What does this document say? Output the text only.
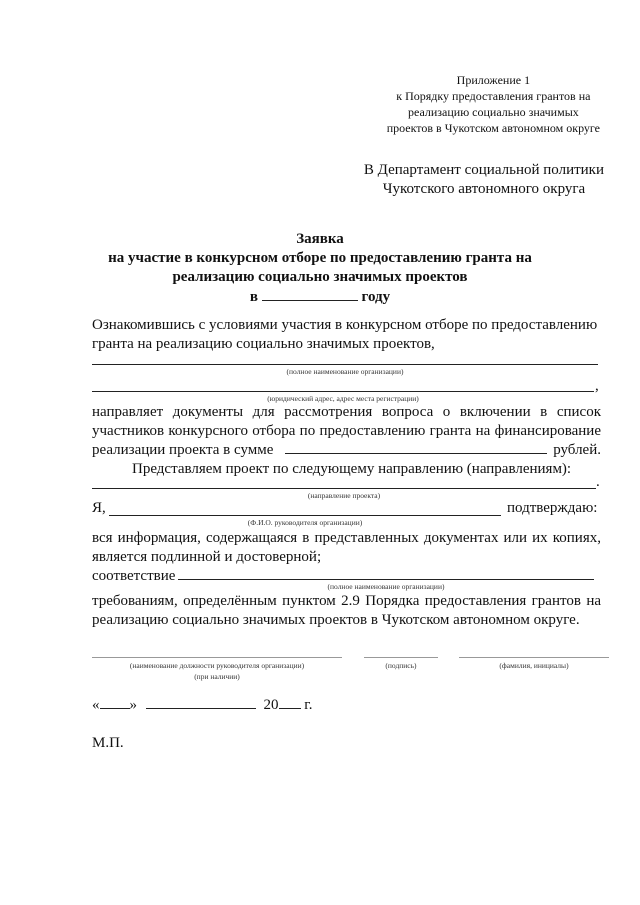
Приложение 1
к Порядку предоставления грантов на
реализацию социально значимых
проектов в Чукотском автономном округе
В Департамент социальной политики
Чукотского автономного округа
Заявка
на участие в конкурсном отборе по предоставлению гранта на
реализацию социально значимых проектов
в	году
Ознакомившись с условиями участия в конкурсном отборе по предоставлению
гранта на реализацию социально значимых проектов,
(полное наименование организации)
,
(юридический адрес, адрес места регистрации)
направляет документы для рассмотрения вопроса о включении в список
участников конкурсного отбора по предоставлению гранта на финансирование
реализации проекта в сумме	рублей.
Представляем проект по следующему направлению (направлениям):
.
(направление проекта)
Я,	подтверждаю:
(Ф.И.О. руководителя организации)
вся информация, содержащаяся в представленных документах или их копиях,
является подлинной и достоверной;
соответствие
(полное наименование организации)
требованиям, определённым пунктом 2.9 Порядка предоставления грантов на
реализацию социально значимых проектов в Чукотском автономном округе.
(наименование должности руководителя организации)
(при наличии)
(подпись)	(фамилия, инициалы)
« »	20 г.
М.П.
